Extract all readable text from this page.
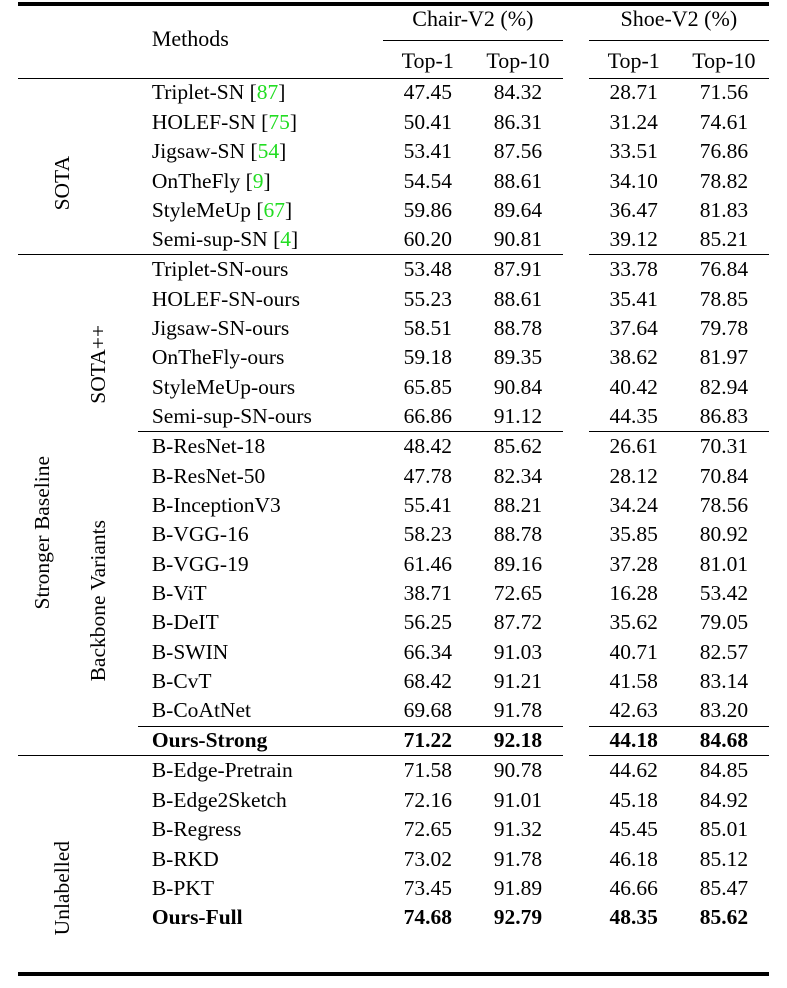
SOTA
Stronger Baseline
SOTA++
Backbone Variants
Unlabelled
			Methods	Chair-V2 (%)			Shoe-V2 (%)	
				Top-1	Top-10		Top-1	Top-10

			Triplet-SN [87]	47.45	84.32		28.71	71.56
			HOLEF-SN [75]	50.41	86.31		31.24	74.61
			Jigsaw-SN [54]	53.41	87.56		33.51	76.86
			OnTheFly [9]	54.54	88.61		34.10	78.82
			StyleMeUp [67]	59.86	89.64		36.47	81.83
			Semi-sup-SN [4]	60.20	90.81		39.12	85.21

			Triplet-SN-ours	53.48	87.91		33.78	76.84
			HOLEF-SN-ours	55.23	88.61		35.41	78.85
			Jigsaw-SN-ours	58.51	88.78		37.64	79.78
			OnTheFly-ours	59.18	89.35		38.62	81.97
			StyleMeUp-ours	65.85	90.84		40.42	82.94
			Semi-sup-SN-ours	66.86	91.12		44.35	86.83

			B-ResNet-18	48.42	85.62		26.61	70.31
			B-ResNet-50	47.78	82.34		28.12	70.84
			B-InceptionV3	55.41	88.21		34.24	78.56
			B-VGG-16	58.23	88.78		35.85	80.92
			B-VGG-19	61.46	89.16		37.28	81.01
			B-ViT	38.71	72.65		16.28	53.42
			B-DeIT	56.25	87.72		35.62	79.05
			B-SWIN	66.34	91.03		40.71	82.57
			B-CvT	68.42	91.21		41.58	83.14
			B-CoAtNet	69.68	91.78		42.63	83.20

			Ours-Strong	71.22	92.18		44.18	84.68

			B-Edge-Pretrain	71.58	90.78		44.62	84.85
			B-Edge2Sketch	72.16	91.01		45.18	84.92
			B-Regress	72.65	91.32		45.45	85.01
			B-RKD	73.02	91.78		46.18	85.12
			B-PKT	73.45	91.89		46.66	85.47
			Ours-Full	74.68	92.79		48.35	85.62
